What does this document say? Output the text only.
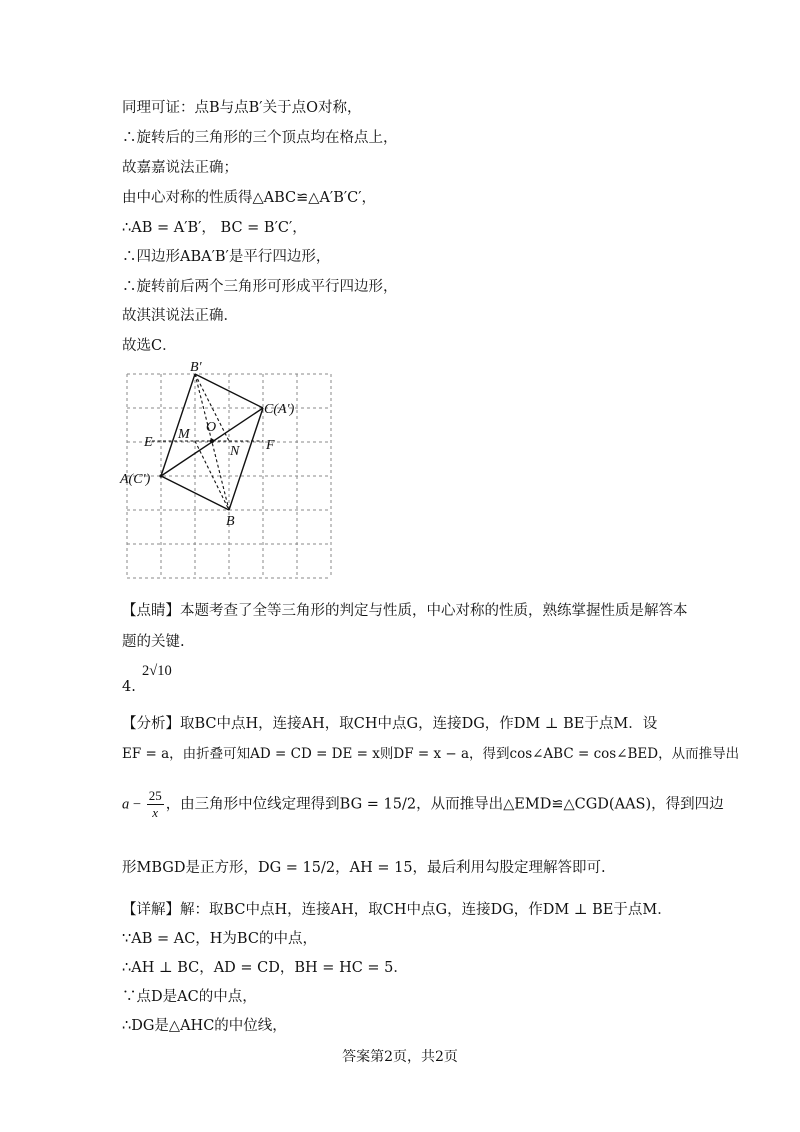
同理可证：点B与点B′关于点O对称，
∴旋转后的三角形的三个顶点均在格点上，
故嘉嘉说法正确；
由中心对称的性质得△ABC≌△A′B′C′，
∴AB = A′B′， BC = B′C′，
∴四边形ABA′B′是平行四边形，
∴旋转前后两个三角形可形成平行四边形，
故淇淇说法正确．
故选C．
B′
C(A′)
E
M O
N F
A(C′)
B
【点睛】本题考查了全等三角形的判定与性质，中心对称的性质，熟练掌握性质是解答本
题的关键.
4.
2√10
【分析】取BC中点H，连接AH，取CH中点G，连接DG，作DM ⊥ BE于点M．设
EF = a，由折叠可知AD = CD = DE = x则DF = x − a，得到cos∠ABC = cos∠BED，从而推导出
$a - \frac{25}{x}$ ，由三角形中位线定理得到BG = 15/2，从而推导出△EMD≌△CGD(AAS)，得到四边
形MBGD是正方形，DG = 15/2，AH = 15，最后利用勾股定理解答即可.
【详解】解：取BC中点H，连接AH，取CH中点G，连接DG，作DM ⊥ BE于点M．
∵AB = AC，H为BC的中点，
∴AH ⊥ BC，AD = CD，BH = HC = 5．
∵点D是AC的中点，
∴DG是△AHC的中位线，
答案第2页，共2页
